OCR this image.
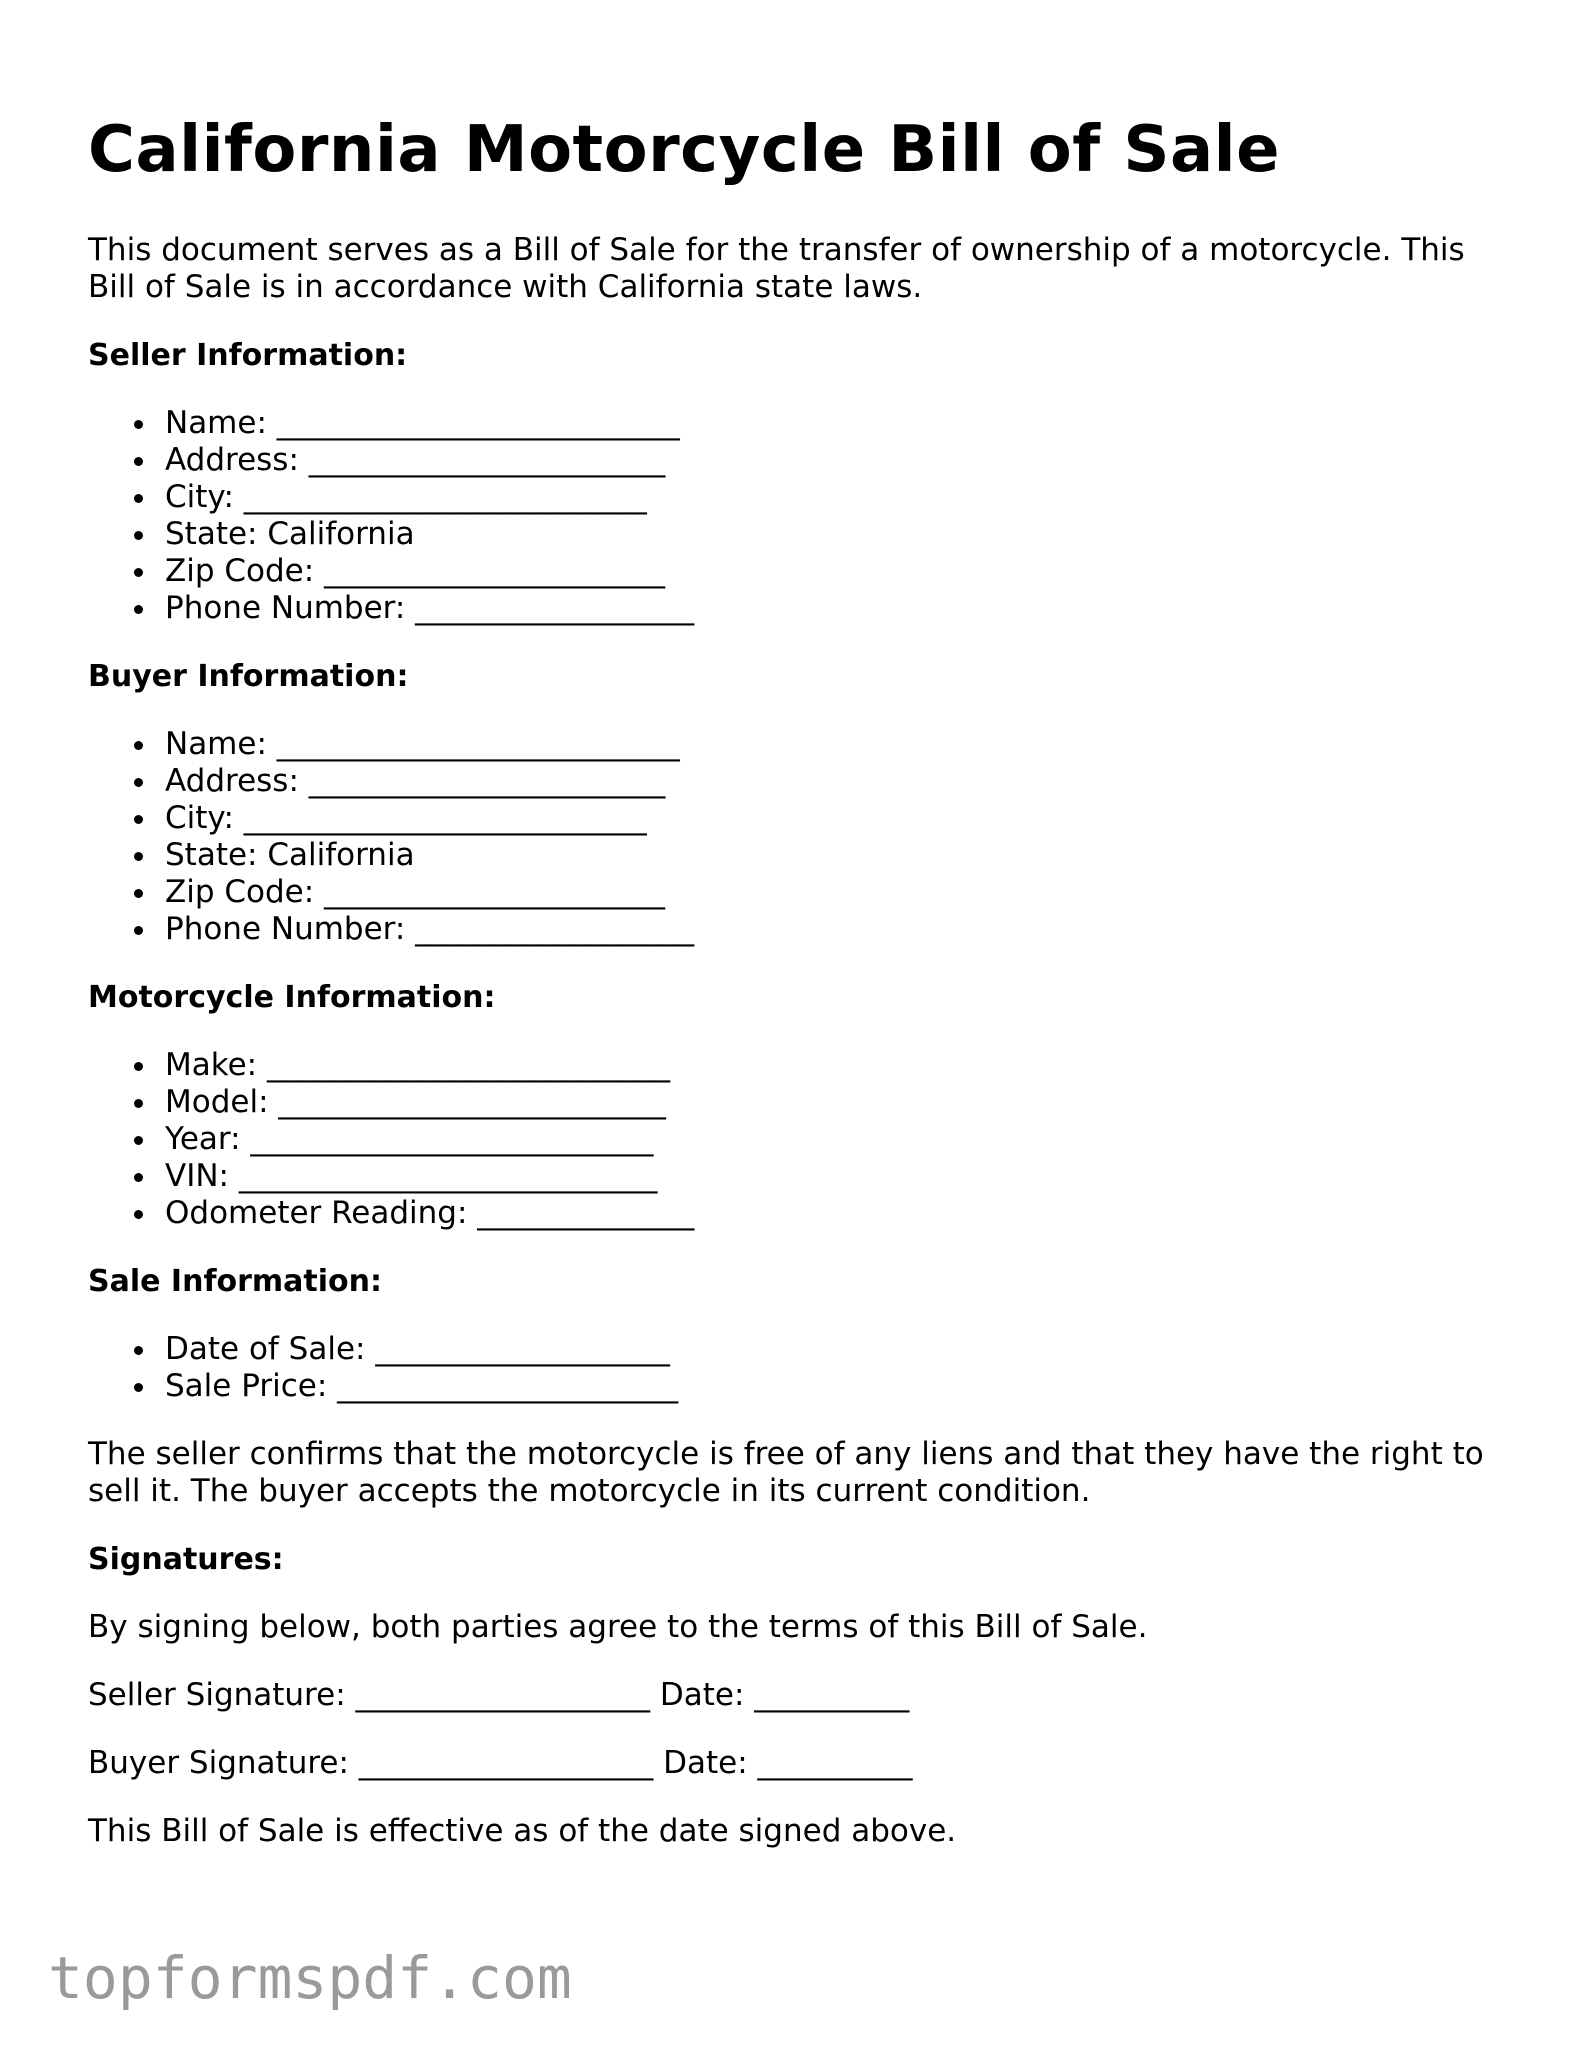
California Motorcycle Bill of Sale

This document serves as a Bill of Sale for the transfer of ownership of a motorcycle. This Bill of Sale is in accordance with California state laws.

Seller Information:
Name: __________________________
Address: _______________________
City: __________________________
State: California
Zip Code: ______________________
Phone Number: __________________
Buyer Information:
Name: __________________________
Address: _______________________
City: __________________________
State: California
Zip Code: ______________________
Phone Number: __________________
Motorcycle Information:
Make: __________________________
Model: _________________________
Year: __________________________
VIN: ___________________________
Odometer Reading: ______________
Sale Information:
Date of Sale: ___________________
Sale Price: ______________________

The seller confirms that the motorcycle is free of any liens and that they have the right to sell it. The buyer accepts the motorcycle in its current condition.

Signatures:

By signing below, both parties agree to the terms of this Bill of Sale.

Seller Signature: ___________________ Date: __________

Buyer Signature: ___________________ Date: __________

This Bill of Sale is effective as of the date signed above.

topformspdf.com
